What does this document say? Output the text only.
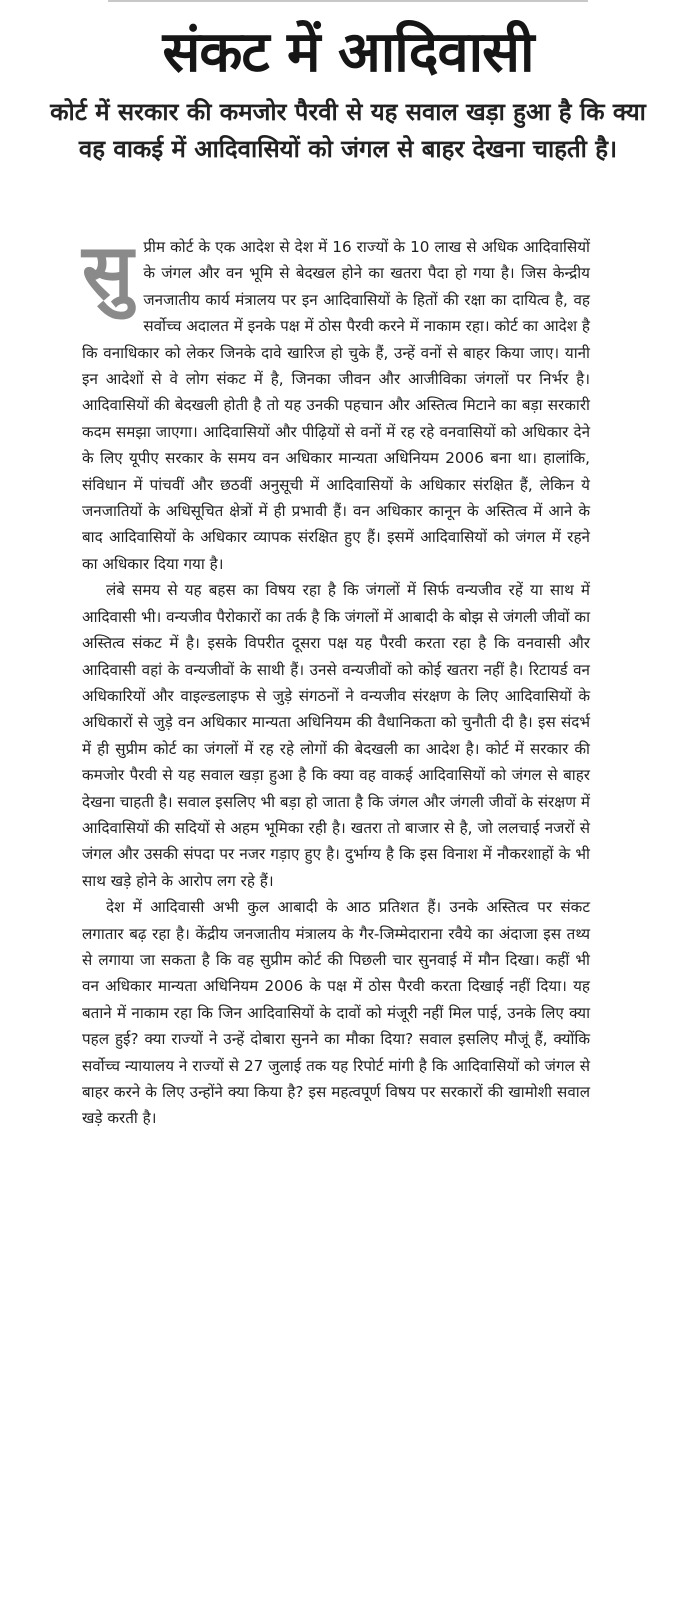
संकट में आदिवासी

कोर्ट में सरकार की कमजोर पैरवी से यह सवाल खड़ा हुआ है कि क्या वह वाकई में आदिवासियों को जंगल से बाहर देखना चाहती है।

सुप्रीम कोर्ट के एक आदेश से देश में 16 राज्यों के 10 लाख से अधिक आदिवासियों के जंगल और वन भूमि से बेदखल होने का खतरा पैदा हो गया है। जिस केन्द्रीय जनजातीय कार्य मंत्रालय पर इन आदिवासियों के हितों की रक्षा का दायित्व है, वह सर्वोच्च अदालत में इनके पक्ष में ठोस पैरवी करने में नाकाम रहा। कोर्ट का आदेश है कि वनाधिकार को लेकर जिनके दावे खारिज हो चुके हैं, उन्हें वनों से बाहर किया जाए। यानी इन आदेशों से वे लोग संकट में है, जिनका जीवन और आजीविका जंगलों पर निर्भर है। आदिवासियों की बेदखली होती है तो यह उनकी पहचान और अस्तित्व मिटाने का बड़ा सरकारी कदम समझा जाएगा। आदिवासियों और पीढ़ियों से वनों में रह रहे वनवासियों को अधिकार देने के लिए यूपीए सरकार के समय वन अधिकार मान्यता अधिनियम 2006 बना था। हालांकि, संविधान में पांचवीं और छठवीं अनुसूची में आदिवासियों के अधिकार संरक्षित हैं, लेकिन ये जनजातियों के अधिसूचित क्षेत्रों में ही प्रभावी हैं। वन अधिकार कानून के अस्तित्व में आने के बाद आदिवासियों के अधिकार व्यापक संरक्षित हुए हैं। इसमें आदिवासियों को जंगल में रहने का अधिकार दिया गया है।

लंबे समय से यह बहस का विषय रहा है कि जंगलों में सिर्फ वन्यजीव रहें या साथ में आदिवासी भी। वन्यजीव पैरोकारों का तर्क है कि जंगलों में आबादी के बोझ से जंगली जीवों का अस्तित्व संकट में है। इसके विपरीत दूसरा पक्ष यह पैरवी करता रहा है कि वनवासी और आदिवासी वहां के वन्यजीवों के साथी हैं। उनसे वन्यजीवों को कोई खतरा नहीं है। रिटायर्ड वन अधिकारियों और वाइल्डलाइफ से जुड़े संगठनों ने वन्यजीव संरक्षण के लिए आदिवासियों के अधिकारों से जुड़े वन अधिकार मान्यता अधिनियम की वैधानिकता को चुनौती दी है। इस संदर्भ में ही सुप्रीम कोर्ट का जंगलों में रह रहे लोगों की बेदखली का आदेश है। कोर्ट में सरकार की कमजोर पैरवी से यह सवाल खड़ा हुआ है कि क्या वह वाकई आदिवासियों को जंगल से बाहर देखना चाहती है। सवाल इसलिए भी बड़ा हो जाता है कि जंगल और जंगली जीवों के संरक्षण में आदिवासियों की सदियों से अहम भूमिका रही है। खतरा तो बाजार से है, जो ललचाई नजरों से जंगल और उसकी संपदा पर नजर गड़ाए हुए है। दुर्भाग्य है कि इस विनाश में नौकरशाहों के भी साथ खड़े होने के आरोप लग रहे हैं।

देश में आदिवासी अभी कुल आबादी के आठ प्रतिशत हैं। उनके अस्तित्व पर संकट लगातार बढ़ रहा है। केंद्रीय जनजातीय मंत्रालय के गैर-जिम्मेदाराना रवैये का अंदाजा इस तथ्य से लगाया जा सकता है कि वह सुप्रीम कोर्ट की पिछली चार सुनवाई में मौन दिखा। कहीं भी वन अधिकार मान्यता अधिनियम 2006 के पक्ष में ठोस पैरवी करता दिखाई नहीं दिया। यह बताने में नाकाम रहा कि जिन आदिवासियों के दावों को मंजूरी नहीं मिल पाई, उनके लिए क्या पहल हुई? क्या राज्यों ने उन्हें दोबारा सुनने का मौका दिया? सवाल इसलिए मौजूं हैं, क्योंकि सर्वोच्च न्यायालय ने राज्यों से 27 जुलाई तक यह रिपोर्ट मांगी है कि आदिवासियों को जंगल से बाहर करने के लिए उन्होंने क्या किया है? इस महत्वपूर्ण विषय पर सरकारों की खामोशी सवाल खड़े करती है।
